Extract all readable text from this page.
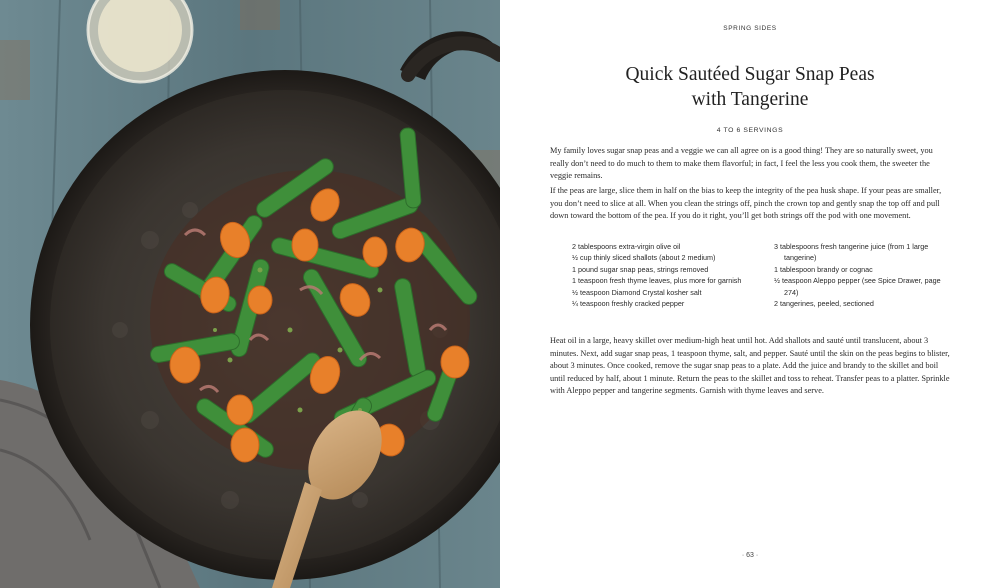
SPRING SIDES
Quick Sautéed Sugar Snap Peas
with Tangerine
4 TO 6 SERVINGS

My family loves sugar snap peas and a veggie we can all agree on is a good thing! They are so naturally sweet, you really don’t need to do much to them to make them flavorful; in fact, I feel the less you cook them, the sweeter the veggie remains.

If the peas are large, slice them in half on the bias to keep the integrity of the pea husk shape. If your peas are smaller, you don’t need to slice at all. When you clean the strings off, pinch the crown top and gently snap the top off and pull down toward the bottom of the pea. If you do it right, you’ll get both strings off the pod with one movement.

2 tablespoons extra-virgin olive oil
½ cup thinly sliced shallots (about 2 medium)
1 pound sugar snap peas, strings removed
1 teaspoon fresh thyme leaves, plus more for garnish
½ teaspoon Diamond Crystal kosher salt
¼ teaspoon freshly cracked pepper
3 tablespoons fresh tangerine juice (from 1 large tangerine)
1 tablespoon brandy or cognac
½ teaspoon Aleppo pepper (see Spice Drawer, page 274)
2 tangerines, peeled, sectioned

Heat oil in a large, heavy skillet over medium-high heat until hot. Add shallots and sauté until translucent, about 3 minutes. Next, add sugar snap peas, 1 teaspoon thyme, salt, and pepper. Sauté until the skin on the peas begins to blister, about 3 minutes. Once cooked, remove the sugar snap peas to a plate. Add the juice and brandy to the skillet and boil until reduced by half, about 1 minute. Return the peas to the skillet and toss to reheat. Transfer peas to a platter. Sprinkle with Aleppo pepper and tangerine segments. Garnish with thyme leaves and serve.

· 63 ·
